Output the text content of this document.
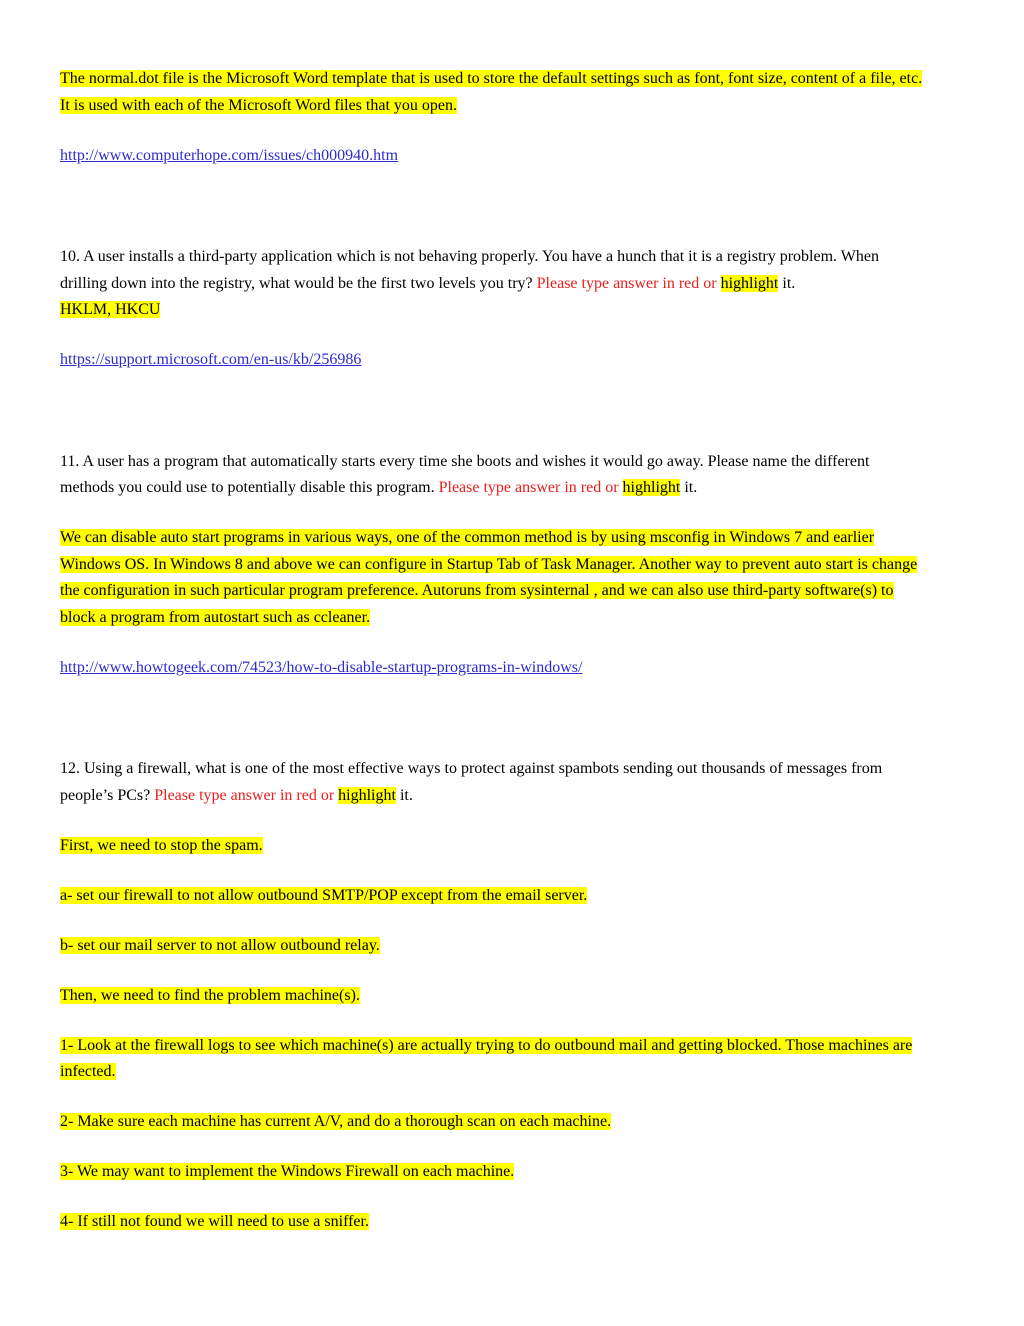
The normal.dot file is the Microsoft Word template that is used to store the default settings such as font, font size, content of a file, etc.
It is used with each of the Microsoft Word files that you open.
http://www.computerhope.com/issues/ch000940.htm
10. A user installs a third-party application which is not behaving properly. You have a hunch that it is a registry problem. When
drilling down into the registry, what would be the first two levels you try? Please type answer in red or highlight it.
HKLM, HKCU
https://support.microsoft.com/en-us/kb/256986
11. A user has a program that automatically starts every time she boots and wishes it would go away. Please name the different
methods you could use to potentially disable this program. Please type answer in red or highlight it.
We can disable auto start programs in various ways, one of the common method is by using msconfig in Windows 7 and earlier
Windows OS. In Windows 8 and above we can configure in Startup Tab of Task Manager. Another way to prevent auto start is change
the configuration in such particular program preference. Autoruns from sysinternal , and we can also use third-party software(s) to
block a program from autostart such as ccleaner.
http://www.howtogeek.com/74523/how-to-disable-startup-programs-in-windows/
12. Using a firewall, what is one of the most effective ways to protect against spambots sending out thousands of messages from
people’s PCs? Please type answer in red or highlight it.
First, we need to stop the spam.
a- set our firewall to not allow outbound SMTP/POP except from the email server.
b- set our mail server to not allow outbound relay.
Then, we need to find the problem machine(s).
1- Look at the firewall logs to see which machine(s) are actually trying to do outbound mail and getting blocked. Those machines are
infected.
2- Make sure each machine has current A/V, and do a thorough scan on each machine.
3- We may want to implement the Windows Firewall on each machine.
4- If still not found we will need to use a sniffer.
